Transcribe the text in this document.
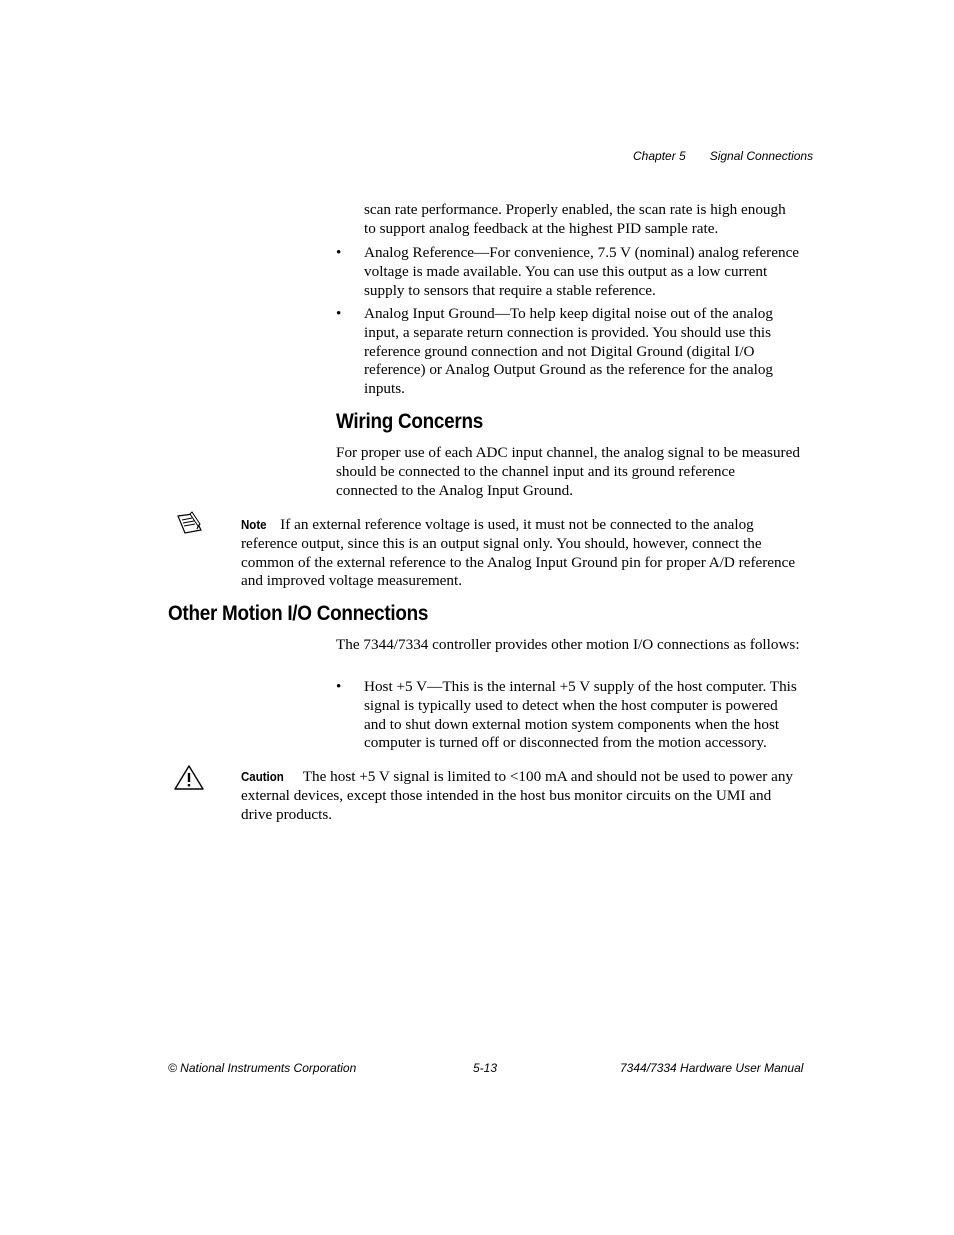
Chapter 5 Signal Connections
scan rate performance. Properly enabled, the scan rate is high enough to support analog feedback at the highest PID sample rate.
• Analog Reference—For convenience, 7.5 V (nominal) analog reference voltage is made available. You can use this output as a low current supply to sensors that require a stable reference.
• Analog Input Ground—To help keep digital noise out of the analog input, a separate return connection is provided. You should use this reference ground connection and not Digital Ground (digital I/O reference) or Analog Output Ground as the reference for the analog inputs.
Wiring Concerns
For proper use of each ADC input channel, the analog signal to be measured should be connected to the channel input and its ground reference connected to the Analog Input Ground.
Note If an external reference voltage is used, it must not be connected to the analog reference output, since this is an output signal only. You should, however, connect the common of the external reference to the Analog Input Ground pin for proper A/D reference and improved voltage measurement.
Other Motion I/O Connections
The 7344/7334 controller provides other motion I/O connections as follows:
• Host +5 V—This is the internal +5 V supply of the host computer. This signal is typically used to detect when the host computer is powered and to shut down external motion system components when the host computer is turned off or disconnected from the motion accessory.
Caution The host +5 V signal is limited to <100 mA and should not be used to power any external devices, except those intended in the host bus monitor circuits on the UMI and drive products.
© National Instruments Corporation	5-13	7344/7334 Hardware User Manual
